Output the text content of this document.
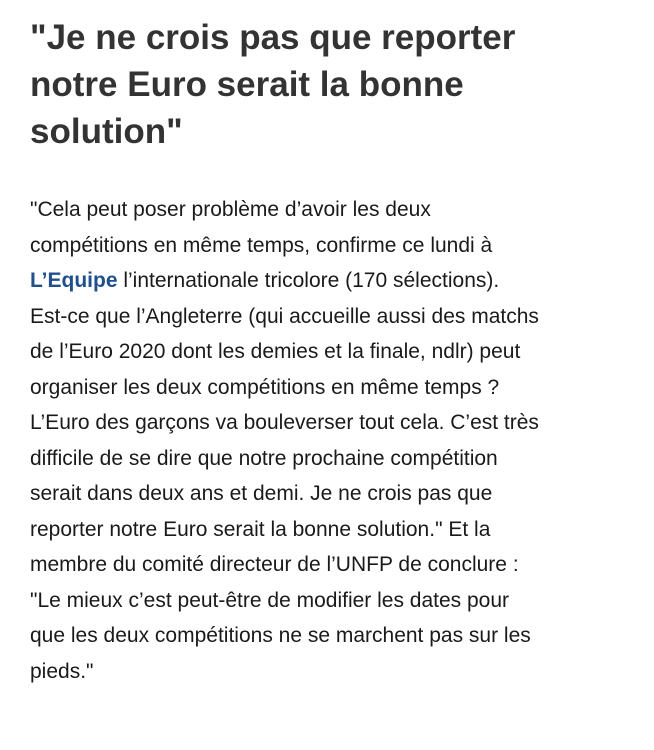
"Je ne crois pas que reporter
notre Euro serait la bonne
solution"

"Cela peut poser problème d’avoir les deux
compétitions en même temps, confirme ce lundi à
L’Equipe l’internationale tricolore (170 sélections).
Est-ce que l’Angleterre (qui accueille aussi des matchs
de l’Euro 2020 dont les demies et la finale, ndlr) peut
organiser les deux compétitions en même temps ?
L’Euro des garçons va bouleverser tout cela. C’est très
difficile de se dire que notre prochaine compétition
serait dans deux ans et demi. Je ne crois pas que
reporter notre Euro serait la bonne solution." Et la
membre du comité directeur de l’UNFP de conclure :
"Le mieux c’est peut-être de modifier les dates pour
que les deux compétitions ne se marchent pas sur les
pieds."
